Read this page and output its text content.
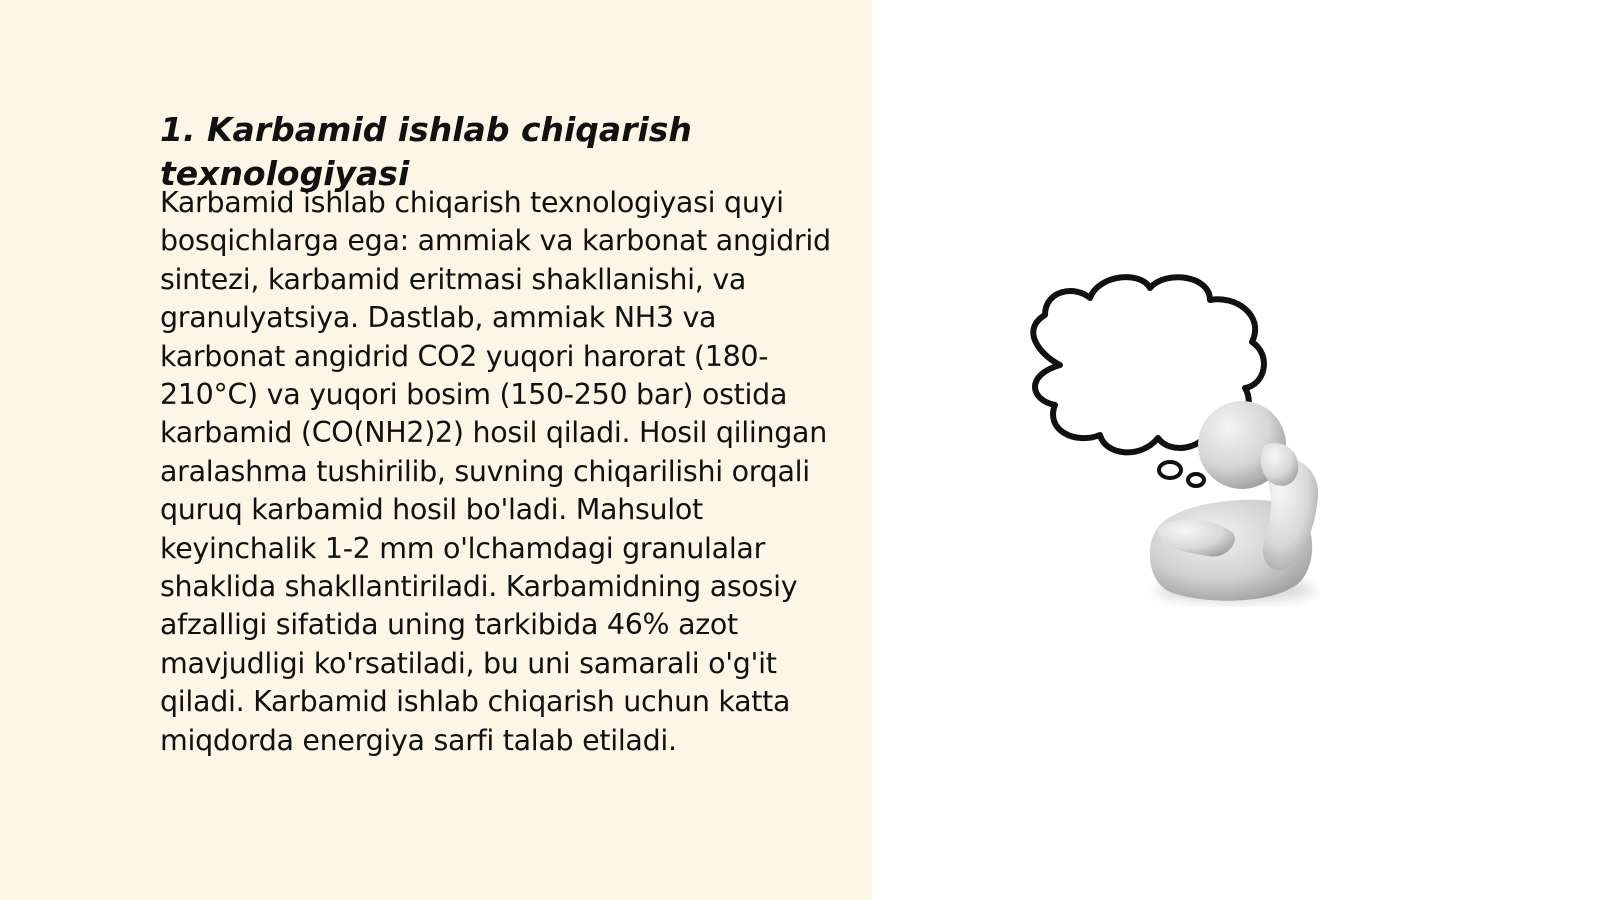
1. Karbamid ishlab chiqarish texnologiyasi

Karbamid ishlab chiqarish texnologiyasi quyi bosqichlarga ega: ammiak va karbonat angidrid sintezi, karbamid eritmasi shakllanishi, va granulyatsiya. Dastlab, ammiak NH3 va karbonat angidrid CO2 yuqori harorat (180-210°C) va yuqori bosim (150-250 bar) ostida karbamid (CO(NH2)2) hosil qiladi. Hosil qilingan aralashma tushirilib, suvning chiqarilishi orqali quruq karbamid hosil bo'ladi. Mahsulot keyinchalik 1-2 mm o'lchamdagi granulalar shaklida shakllantiriladi. Karbamidning asosiy afzalligi sifatida uning tarkibida 46% azot mavjudligi ko'rsatiladi, bu uni samarali o'g'it qiladi. Karbamid ishlab chiqarish uchun katta miqdorda energiya sarfi talab etiladi.
